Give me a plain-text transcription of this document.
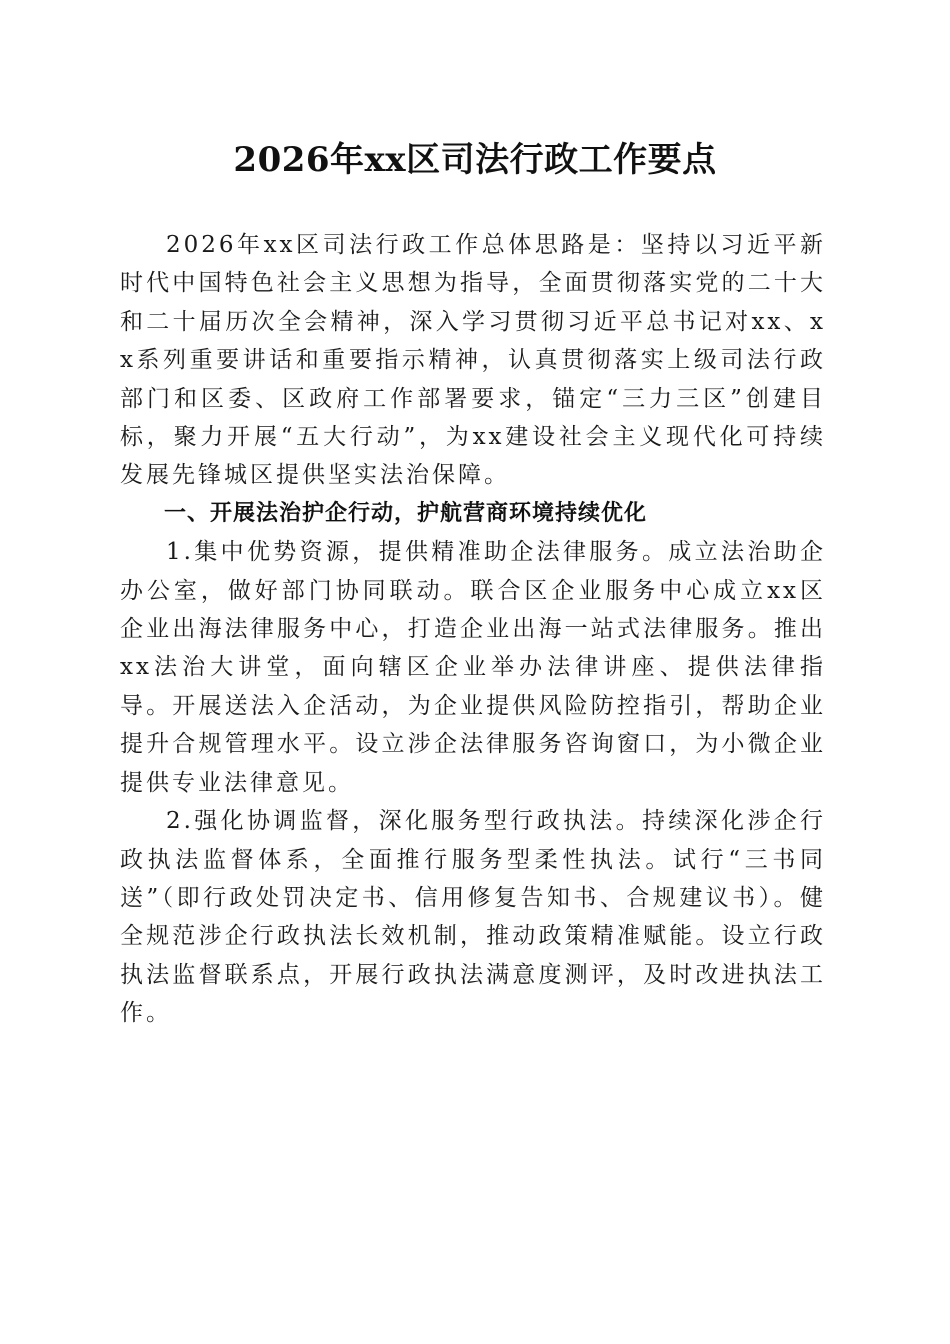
2026年xx区司法行政工作要点

2026年xx区司法行政工作总体思路是：坚持以习近平新时代中国特色社会主义思想为指导，全面贯彻落实党的二十大和二十届历次全会精神，深入学习贯彻习近平总书记对xx、xx系列重要讲话和重要指示精神，认真贯彻落实上级司法行政部门和区委、区政府工作部署要求，锚定“三力三区”创建目标，聚力开展“五大行动”，为xx建设社会主义现代化可持续发展先锋城区提供坚实法治保障。

一、开展法治护企行动，护航营商环境持续优化

1.集中优势资源，提供精准助企法律服务。成立法治助企办公室，做好部门协同联动。联合区企业服务中心成立xx区企业出海法律服务中心，打造企业出海一站式法律服务。推出xx法治大讲堂，面向辖区企业举办法律讲座、提供法律指导。开展送法入企活动，为企业提供风险防控指引，帮助企业提升合规管理水平。设立涉企法律服务咨询窗口，为小微企业提供专业法律意见。

2.强化协调监督，深化服务型行政执法。持续深化涉企行政执法监督体系，全面推行服务型柔性执法。试行“三书同送”（即行政处罚决定书、信用修复告知书、合规建议书）。健全规范涉企行政执法长效机制，推动政策精准赋能。设立行政执法监督联系点，开展行政执法满意度测评，及时改进执法工作。
